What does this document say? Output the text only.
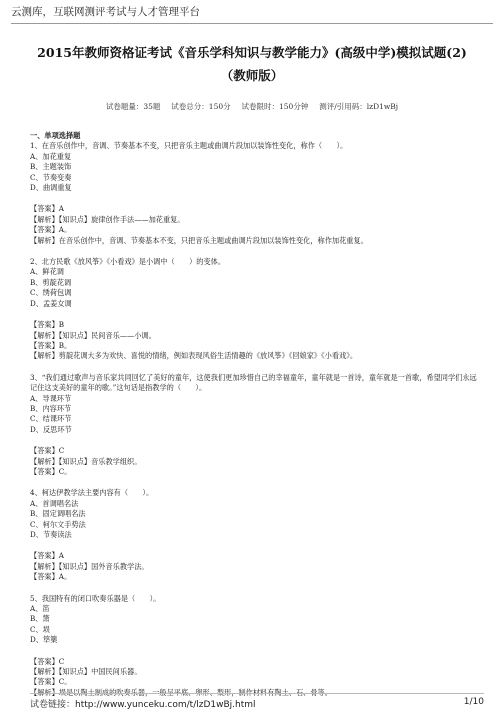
云测库，互联网测评考试与人才管理平台
2015年教师资格证考试《音乐学科知识与教学能力》(高级中学)模拟试题(2)
（教师版）
试卷题量：35题　 试卷总分：150分　 试卷限时：150分钟　 测评/引用码：lzD1wBj
一、单项选择题
1、在音乐创作中，音调、节奏基本不变，只把音乐主题或曲调片段加以装饰性变化，称作（　　）。
A、加花重复
B、主题装饰
C、节奏变奏
D、曲调重复
【答案】A
【解析】【知识点】旋律创作手法——加花重复。
【答案】A。
【解析】在音乐创作中，音调、节奏基本不变，只把音乐主题或曲调片段加以装饰性变化，称作加花重复。
2、北方民歌《放风筝》《小看戏》是小调中（　　）的变体。
A、鲜花调
B、剪靛花调
C、绣荷包调
D、孟姜女调
【答案】B
【解析】【知识点】民间音乐——小调。
【答案】B。
【解析】剪靛花调大多为欢快、喜悦的情绪，例如表现风俗生活情趣的《放风筝》《回娘家》《小看戏》。
3、“我们通过歌声与音乐家共同回忆了美好的童年，这使我们更加珍惜自己的幸福童年，童年就是一首诗，童年就是一首歌，希望同学们永远记住这支美好的童年的歌。”这句话是指教学的（　　）。
A、导课环节
B、内容环节
C、结课环节
D、反思环节
【答案】C
【解析】【知识点】音乐教学组织。
【答案】C。
4、柯达伊教学法主要内容有（　　）。
A、首调唱名法
B、固定调唱名法
C、柯尔文手势法
D、节奏读法
【答案】A
【解析】【知识点】国外音乐教学法。
【答案】A。
5、我国特有的闭口吹奏乐器是（　　）。
A、笛
B、箫
C、埙
D、筚篥
【答案】C
【解析】【知识点】中国民间乐器。
【答案】C。
【解析】埙是以陶土制成的吹奏乐器，一般呈平底、卵形、梨形，制作材料有陶土、石、骨等。
试卷链接：http://www.yunceku.com/t/lzD1wBj.html	1/10
